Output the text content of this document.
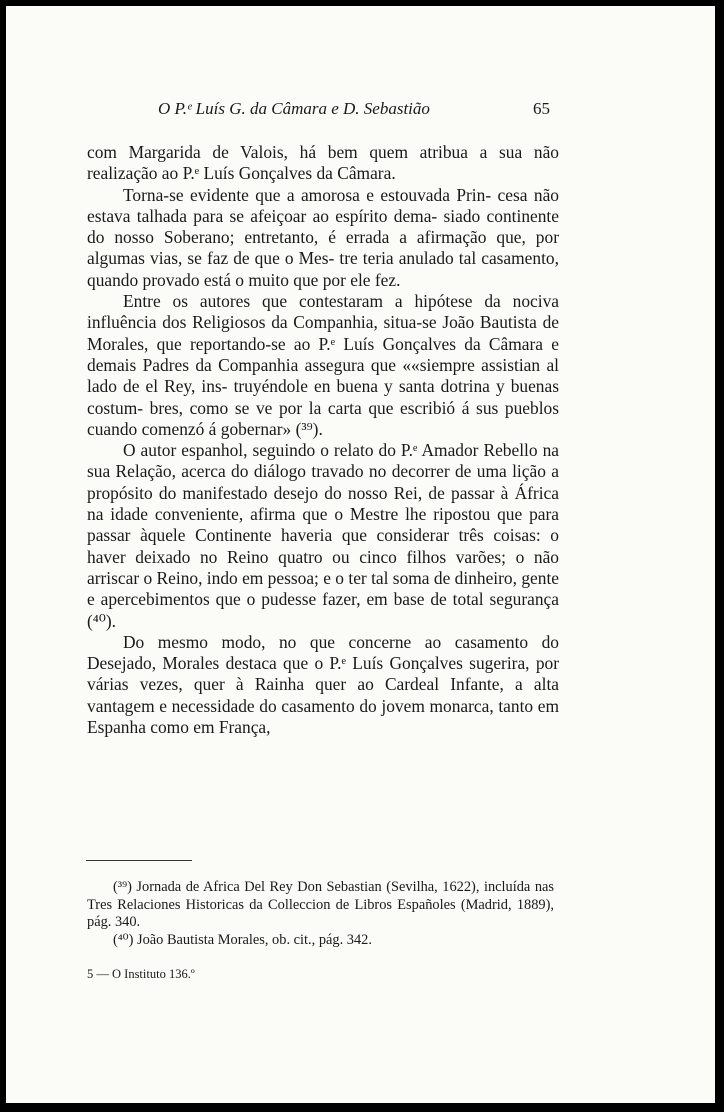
O P.ᵉ Luís G. da Câmara e D. Sebastião	65

com Margarida de Valois, há bem quem atribua a sua não realização ao P.ᵉ Luís Gonçalves da Câmara.

Torna-se evidente que a amorosa e estouvada Prin- cesa não estava talhada para se afeiçoar ao espírito dema- siado continente do nosso Soberano; entretanto, é errada a afirmação que, por algumas vias, se faz de que o Mes- tre teria anulado tal casamento, quando provado está o muito que por ele fez.

Entre os autores que contestaram a hipótese da nociva influência dos Religiosos da Companhia, situa-se João Bautista de Morales, que reportando-se ao P.ᵉ Luís Gonçalves da Câmara e demais Padres da Companhia assegura que ««siempre assistian al lado de el Rey, ins- truyéndole en buena y santa dotrina y buenas costum- bres, como se ve por la carta que escribió á sus pueblos cuando comenzó á gobernar» (³⁹).

O autor espanhol, seguindo o relato do P.ᵉ Amador Rebello na sua Relação, acerca do diálogo travado no decorrer de uma lição a propósito do manifestado desejo do nosso Rei, de passar à África na idade conveniente, afirma que o Mestre lhe ripostou que para passar àquele Continente haveria que considerar três coisas: o haver deixado no Reino quatro ou cinco filhos varões; o não arriscar o Reino, indo em pessoa; e o ter tal soma de dinheiro, gente e apercebimentos que o pudesse fazer, em base de total segurança (⁴⁰).

Do mesmo modo, no que concerne ao casamento do Desejado, Morales destaca que o P.ᵉ Luís Gonçalves sugerira, por várias vezes, quer à Rainha quer ao Cardeal Infante, a alta vantagem e necessidade do casamento do jovem monarca, tanto em Espanha como em França,

(³⁹) Jornada de Africa Del Rey Don Sebastian (Sevilha, 1622), incluída nas Tres Relaciones Historicas da Colleccion de Libros Españoles (Madrid, 1889), pág. 340.

(⁴⁰) João Bautista Morales, ob. cit., pág. 342.

5 — O Instituto 136.º
